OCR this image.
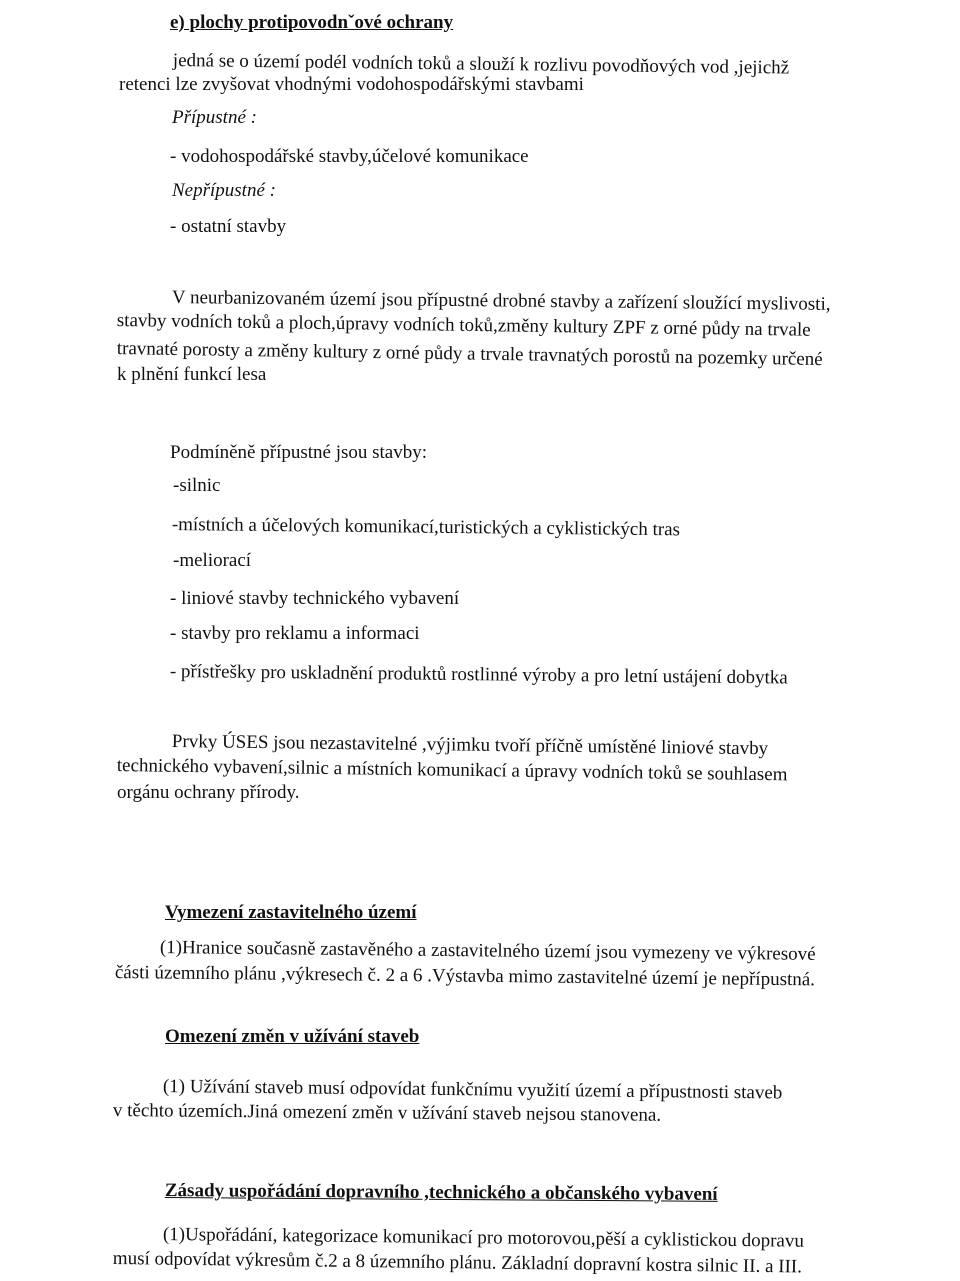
e) plochy protipovodnˇové ochrany
jedná se o území podél vodních toků a slouží k rozlivu povodňových vod ,jejichž
retenci lze zvyšovat vhodnými vodohospodářskými stavbami
Přípustné :
- vodohospodářské stavby,účelové komunikace
Nepřípustné :
- ostatní stavby
V neurbanizovaném území jsou přípustné drobné stavby a zařízení sloužící myslivosti,
stavby vodních toků a ploch,úpravy vodních toků,změny kultury ZPF z orné půdy na trvale
travnaté porosty a změny kultury z orné půdy a trvale travnatých porostů na pozemky určené
k plnění funkcí lesa
Podmíněně přípustné jsou stavby:
-silnic
-místních a účelových komunikací,turistických a cyklistických tras
-meliorací
- liniové stavby technického vybavení
- stavby pro reklamu a informaci
- přístřešky pro uskladnění produktů rostlinné výroby a pro letní ustájení dobytka
Prvky ÚSES jsou nezastavitelné ,výjimku tvoří příčně umístěné liniové stavby
technického vybavení,silnic a místních komunikací a úpravy vodních toků se souhlasem
orgánu ochrany přírody.
Vymezení zastavitelného území
(1)Hranice současně zastavěného a zastavitelného území jsou vymezeny ve výkresové
části územního plánu ,výkresech č. 2 a 6 .Výstavba mimo zastavitelné území je nepřípustná.
Omezení změn v užívání staveb
(1) Užívání staveb musí odpovídat funkčnímu využití území a přípustnosti staveb
v těchto územích.Jiná omezení změn v užívání staveb nejsou stanovena.
Zásady uspořádání dopravního ,technického a občanského vybavení
(1)Uspořádání, kategorizace komunikací pro motorovou,pěší a cyklistickou dopravu
musí odpovídat výkresům č.2 a 8 územního plánu. Základní dopravní kostra silnic II. a III.
